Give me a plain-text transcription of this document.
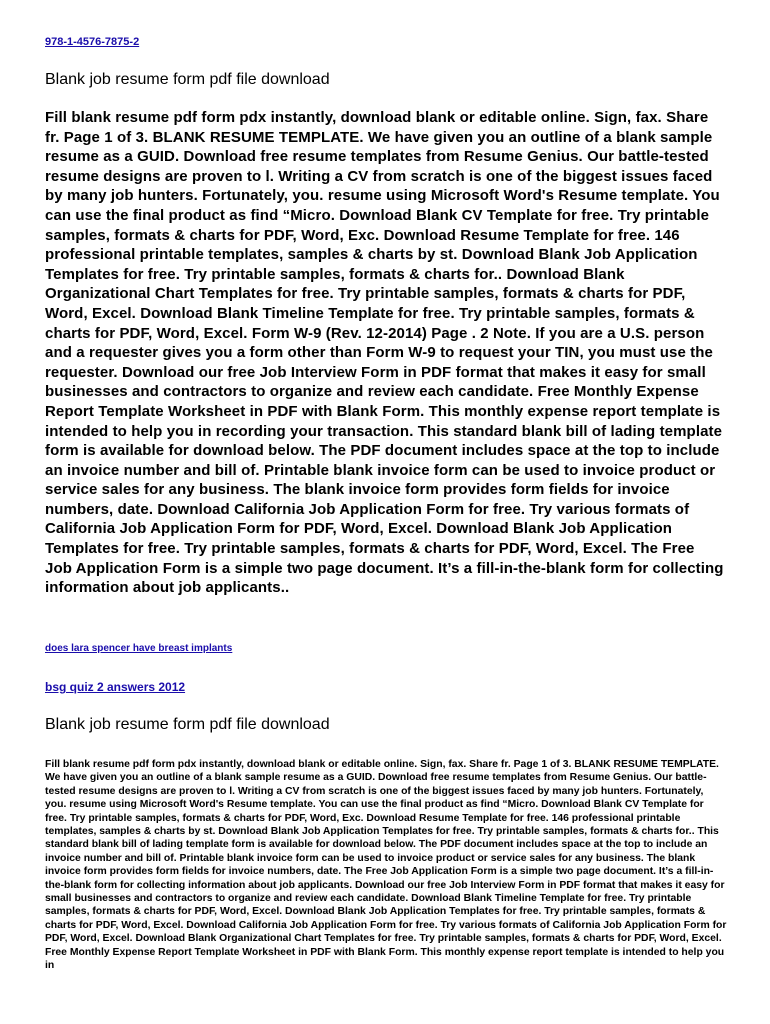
978-1-4576-7875-2
Blank job resume form pdf file download

Fill blank resume pdf form pdx instantly, download blank or editable online. Sign, fax. Share fr. Page 1 of 3. BLANK RESUME TEMPLATE. We have given you an outline of a blank sample resume as a GUID. Download free resume templates from Resume Genius. Our battle-tested resume designs are proven to l. Writing a CV from scratch is one of the biggest issues faced by many job hunters. Fortunately, you. resume using Microsoft Word's Resume template. You can use the final product as find “Micro. Download Blank CV Template for free. Try printable samples, formats & charts for PDF, Word, Exc. Download Resume Template for free. 146 professional printable templates, samples & charts by st. Download Blank Job Application Templates for free. Try printable samples, formats & charts for.. Download Blank Organizational Chart Templates for free. Try printable samples, formats & charts for PDF, Word, Excel. Download Blank Timeline Template for free. Try printable samples, formats & charts for PDF, Word, Excel. Form W-9 (Rev. 12-2014) Page . 2 Note. If you are a U.S. person and a requester gives you a form other than Form W-9 to request your TIN, you must use the requester. Download our free Job Interview Form in PDF format that makes it easy for small businesses and contractors to organize and review each candidate. Free Monthly Expense Report Template Worksheet in PDF with Blank Form. This monthly expense report template is intended to help you in recording your transaction. This standard blank bill of lading template form is available for download below. The PDF document includes space at the top to include an invoice number and bill of. Printable blank invoice form can be used to invoice product or service sales for any business. The blank invoice form provides form fields for invoice numbers, date. Download California Job Application Form for free. Try various formats of California Job Application Form for PDF, Word, Excel. Download Blank Job Application Templates for free. Try printable samples, formats & charts for PDF, Word, Excel. The Free Job Application Form is a simple two page document. It’s a fill-in-the-blank form for collecting information about job applicants..

does lara spencer have breast implants
bsg quiz 2 answers 2012
Blank job resume form pdf file download

Fill blank resume pdf form pdx instantly, download blank or editable online. Sign, fax. Share fr. Page 1 of 3. BLANK RESUME TEMPLATE. We have given you an outline of a blank sample resume as a GUID. Download free resume templates from Resume Genius. Our battle-tested resume designs are proven to l. Writing a CV from scratch is one of the biggest issues faced by many job hunters. Fortunately, you. resume using Microsoft Word's Resume template. You can use the final product as find “Micro. Download Blank CV Template for free. Try printable samples, formats & charts for PDF, Word, Exc. Download Resume Template for free. 146 professional printable templates, samples & charts by st. Download Blank Job Application Templates for free. Try printable samples, formats & charts for.. This standard blank bill of lading template form is available for download below. The PDF document includes space at the top to include an invoice number and bill of. Printable blank invoice form can be used to invoice product or service sales for any business. The blank invoice form provides form fields for invoice numbers, date. The Free Job Application Form is a simple two page document. It’s a fill-in-the-blank form for collecting information about job applicants. Download our free Job Interview Form in PDF format that makes it easy for small businesses and contractors to organize and review each candidate. Download Blank Timeline Template for free. Try printable samples, formats & charts for PDF, Word, Excel. Download Blank Job Application Templates for free. Try printable samples, formats & charts for PDF, Word, Excel. Download California Job Application Form for free. Try various formats of California Job Application Form for PDF, Word, Excel. Download Blank Organizational Chart Templates for free. Try printable samples, formats & charts for PDF, Word, Excel. Free Monthly Expense Report Template Worksheet in PDF with Blank Form. This monthly expense report template is intended to help you in
